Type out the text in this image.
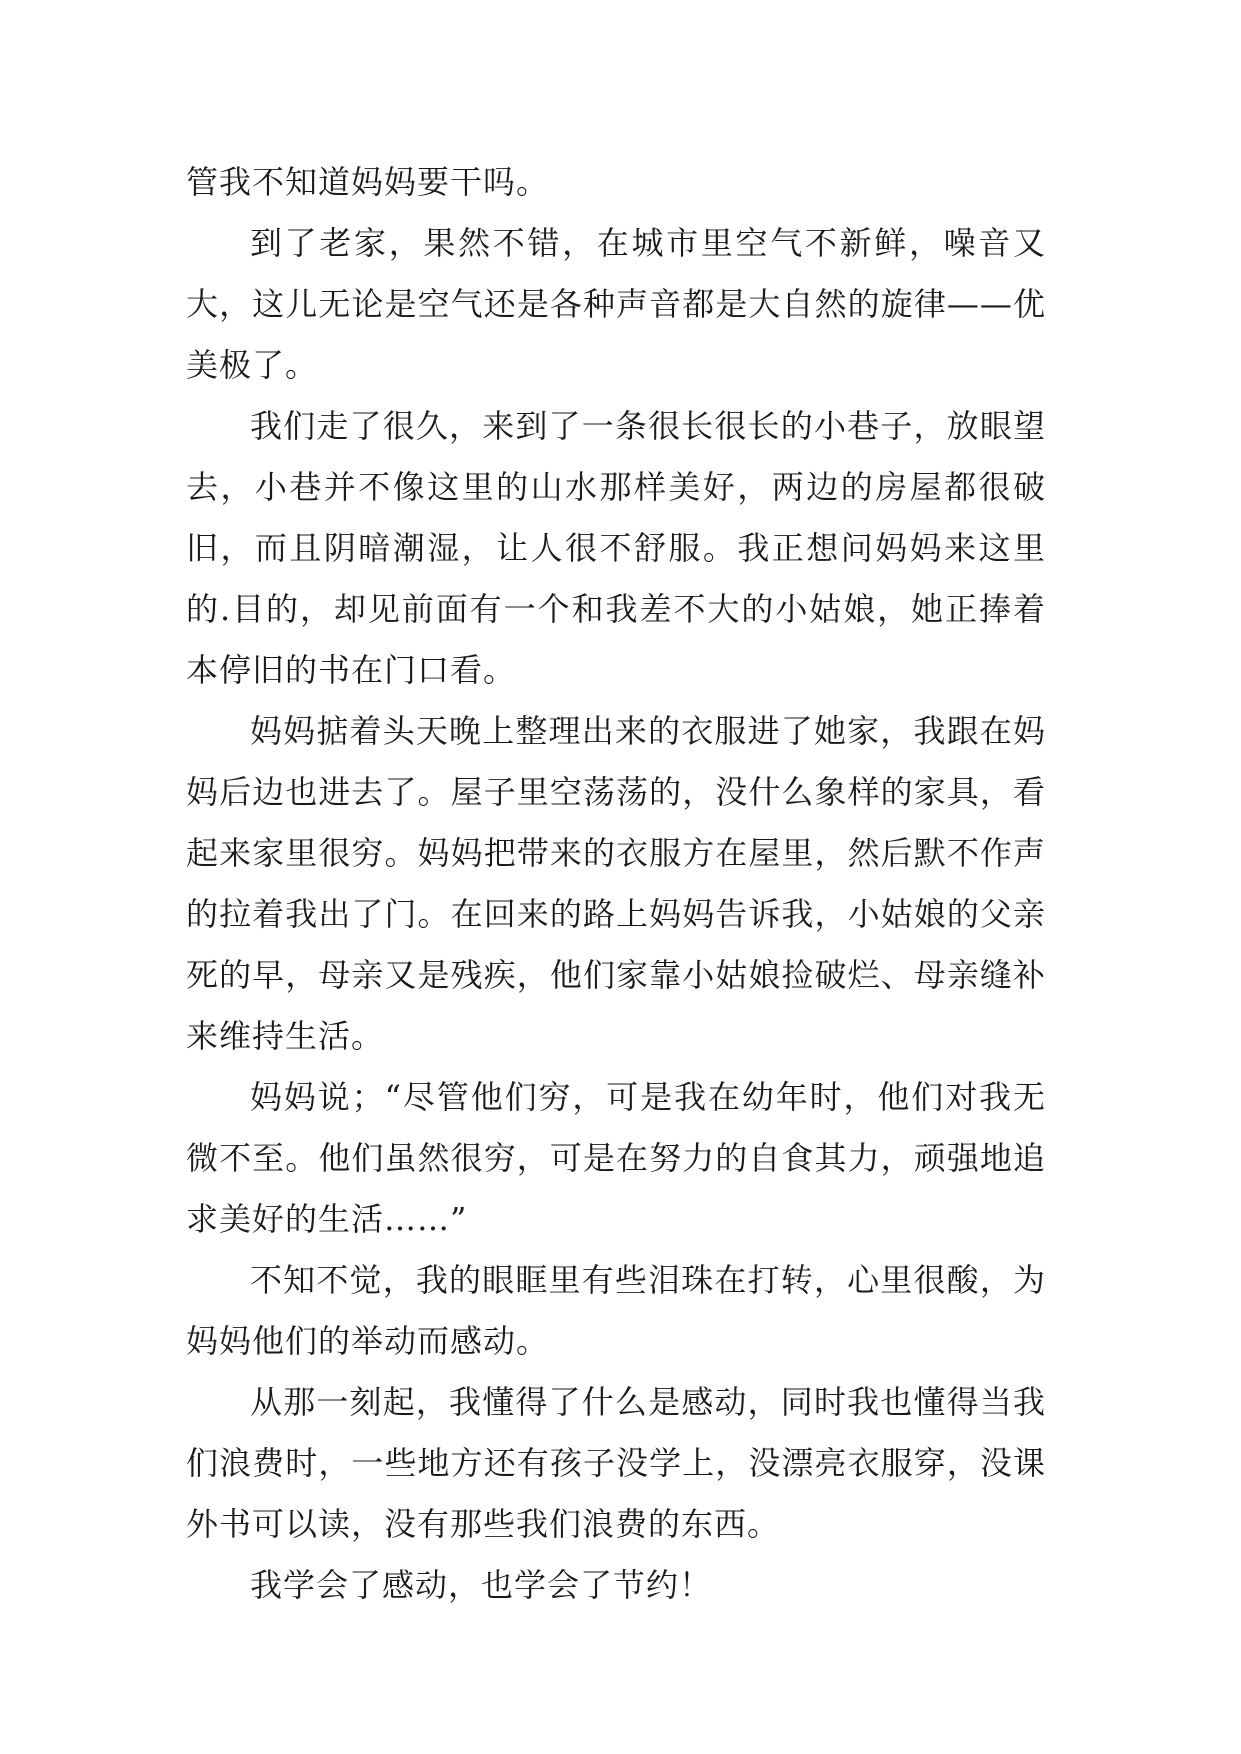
管我不知道妈妈要干吗。

到了老家，果然不错，在城市里空气不新鲜，噪音又大，这儿无论是空气还是各种声音都是大自然的旋律——优美极了。

我们走了很久，来到了一条很长很长的小巷子，放眼望去，小巷并不像这里的山水那样美好，两边的房屋都很破旧，而且阴暗潮湿，让人很不舒服。我正想问妈妈来这里的.目的，却见前面有一个和我差不大的小姑娘，她正捧着本停旧的书在门口看。

妈妈掂着头天晚上整理出来的衣服进了她家，我跟在妈妈后边也进去了。屋子里空荡荡的，没什么象样的家具，看起来家里很穷。妈妈把带来的衣服方在屋里，然后默不作声的拉着我出了门。在回来的路上妈妈告诉我，小姑娘的父亲死的早，母亲又是残疾，他们家靠小姑娘捡破烂、母亲缝补来维持生活。

妈妈说；“尽管他们穷，可是我在幼年时，他们对我无微不至。他们虽然很穷，可是在努力的自食其力，顽强地追求美好的生活……”

不知不觉，我的眼眶里有些泪珠在打转，心里很酸，为妈妈他们的举动而感动。

从那一刻起，我懂得了什么是感动，同时我也懂得当我们浪费时，一些地方还有孩子没学上，没漂亮衣服穿，没课外书可以读，没有那些我们浪费的东西。

我学会了感动，也学会了节约！
